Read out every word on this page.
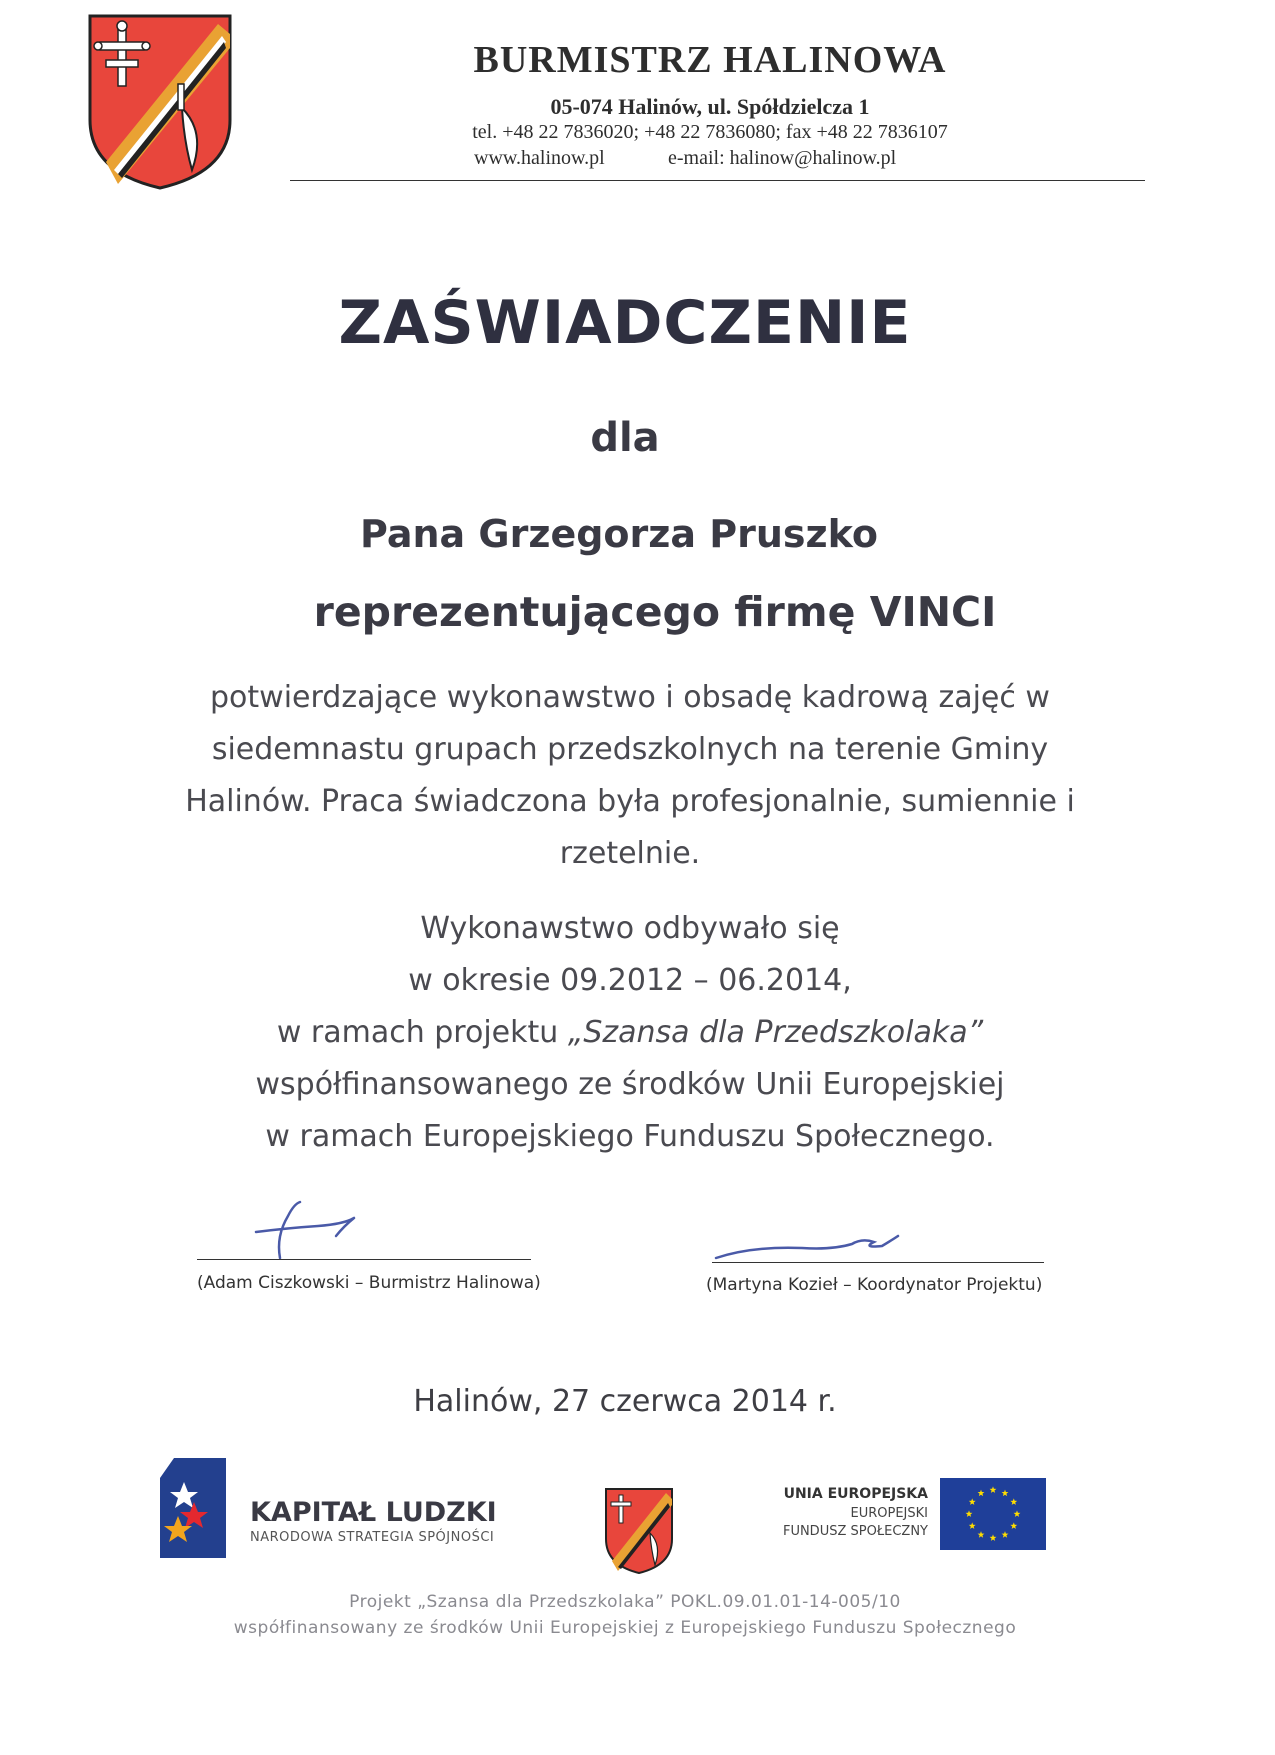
BURMISTRZ HALINOWA
05-074 Halinów, ul. Spółdzielcza 1
tel. +48 22 7836020; +48 22 7836080; fax +48 22 7836107
www.halinow.pl	e-mail: halinow@halinow.pl
ZAŚWIADCZENIE
dla
Pana Grzegorza Pruszko
reprezentującego firmę VINCI
potwierdzające wykonawstwo i obsadę kadrową zajęć w siedemnastu grupach przedszkolnych na terenie Gminy Halinów. Praca świadczona była profesjonalnie, sumiennie i rzetelnie.
Wykonawstwo odbywało się
w okresie 09.2012 – 06.2014,
w ramach projektu „Szansa dla Przedszkolaka”
współfinansowanego ze środków Unii Europejskiej
w ramach Europejskiego Funduszu Społecznego.
(Adam Ciszkowski – Burmistrz Halinowa)	(Martyna Kozieł – Koordynator Projektu)
Halinów, 27 czerwca 2014 r.
KAPITAŁ LUDZKI
NARODOWA STRATEGIA SPÓJNOŚCI
UNIA EUROPEJSKA
EUROPEJSKI
FUNDUSZ SPOŁECZNY
Projekt „Szansa dla Przedszkolaka” POKL.09.01.01-14-005/10
współfinansowany ze środków Unii Europejskiej z Europejskiego Funduszu Społecznego
